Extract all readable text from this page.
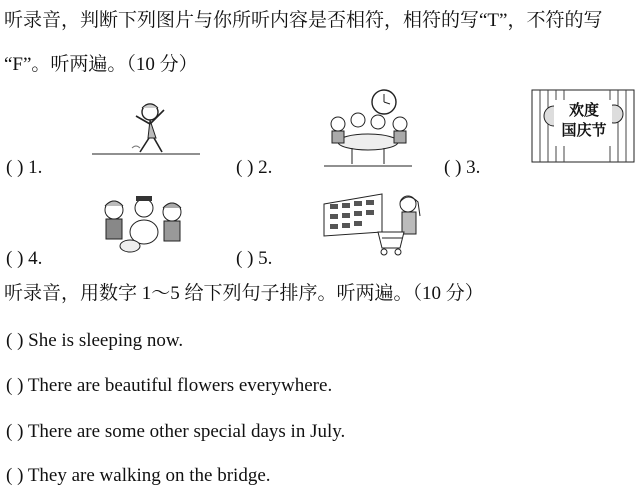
听录音，判断下列图片与你所听内容是否相符，相符的写“T”，不符的写
“F”。听两遍。（10 分）
( ) 1.	( ) 2.	( ) 3.
欢度
国庆节
( ) 4.	( ) 5.
听录音，用数字 1～5 给下列句子排序。听两遍。（10 分）
( ) She is sleeping now.
( ) There are beautiful flowers everywhere.
( ) There are some other special days in July.
( ) They are walking on the bridge.
